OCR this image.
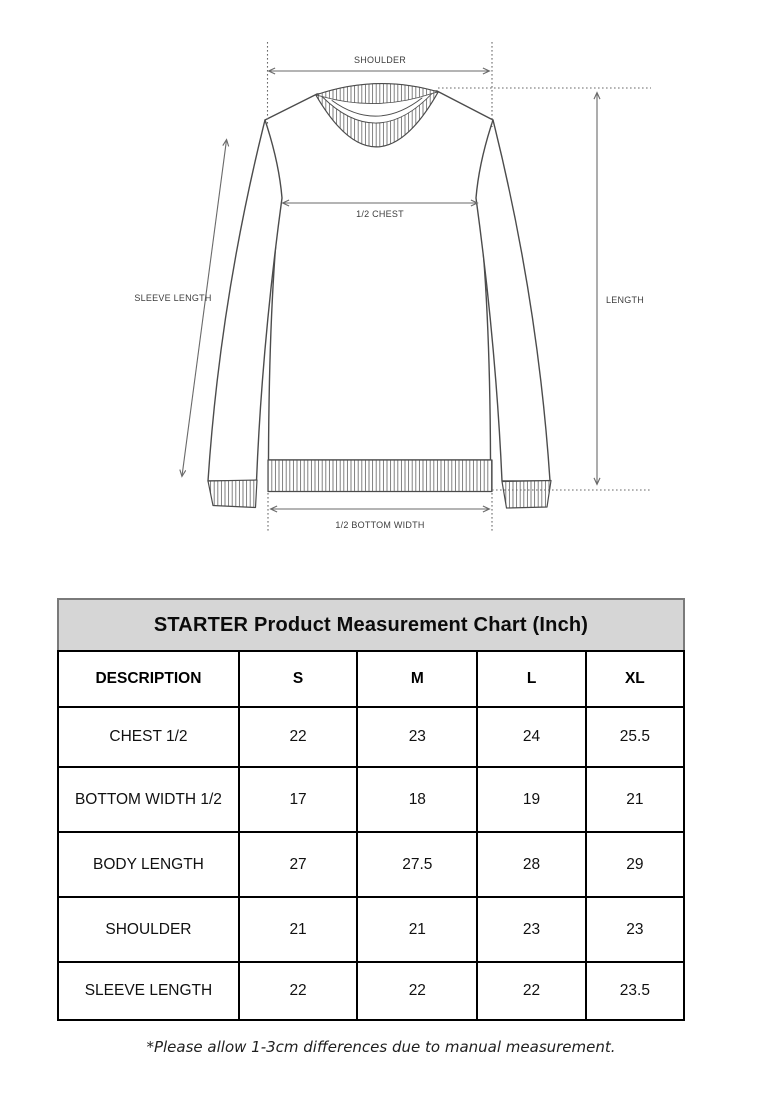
SHOULDER
1/2 CHEST
SLEEVE LENGTH	LENGTH
1/2 BOTTOM WIDTH
STARTER Product Measurement Chart (Inch)
DESCRIPTION	S	M	L	XL
CHEST 1/2	22	23	24	25.5
BOTTOM WIDTH 1/2	17	18	19	21
BODY LENGTH	27	27.5	28	29
SHOULDER	21	21	23	23
SLEEVE LENGTH	22	22	22	23.5
*Please allow 1-3cm differences due to manual measurement.
